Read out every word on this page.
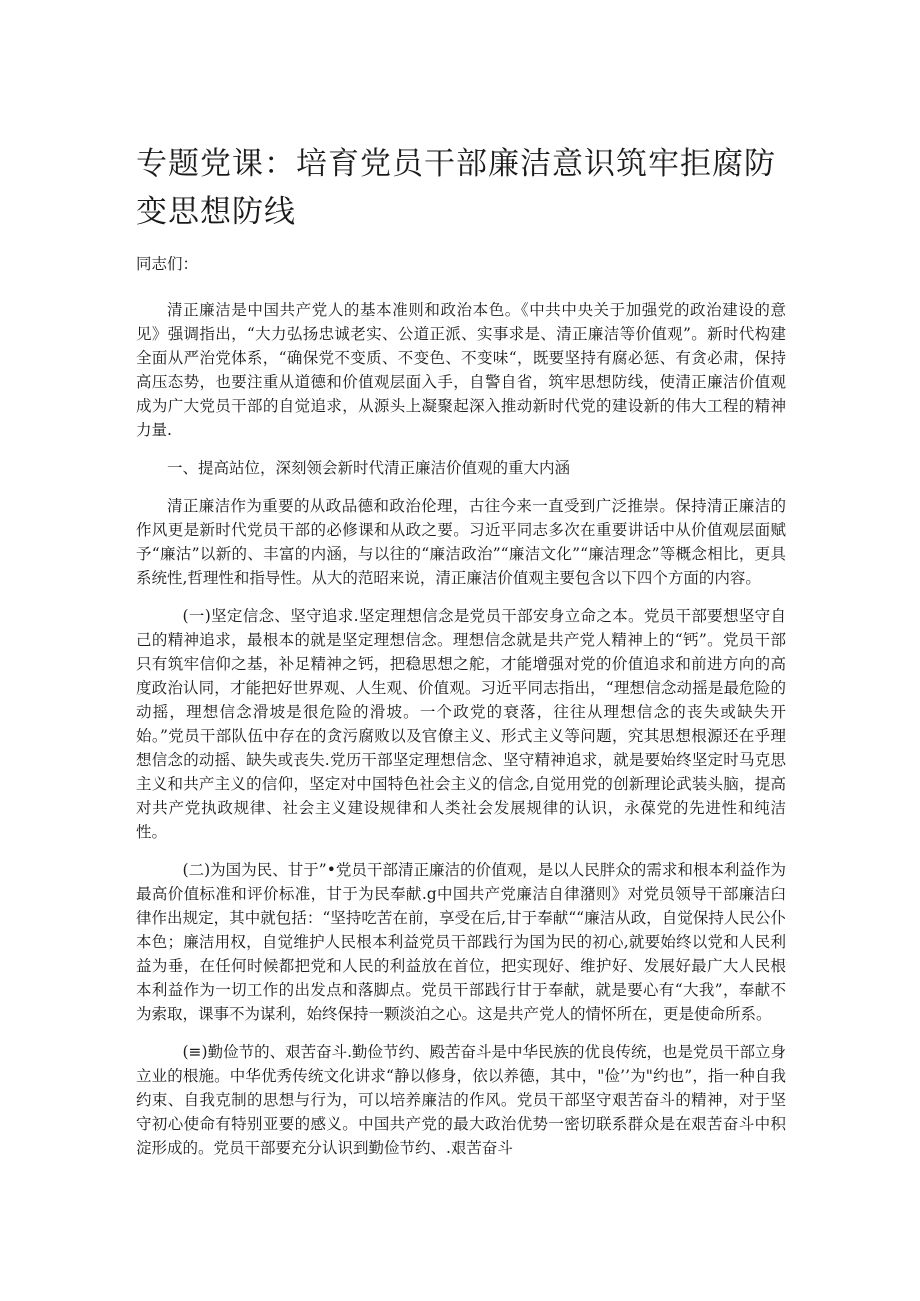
专题党课：培育党员干部廉洁意识筑牢拒腐防变思想防线

同志们：

清正廉洁是中国共产党人的基本准则和政治本色。《中共中央关于加强党的政治建设的意见》强调指出，“大力弘扬忠诚老实、公道正派、实事求是、清正廉洁等价值观”。新时代构建全面从严治党体系，“确保党不变质、不变色、不变味“，既要坚持有腐必惩、有贪必肃，保持高压态势，也要注重从道德和价值观层面入手，自警自省，筑牢思想防线，使清正廉洁价值观成为广大党员干部的自觉追求，从源头上凝聚起深入推动新时代党的建设新的伟大工程的精神力量.

一、提高站位，深刻领会新时代清正廉洁价值观的重大内涵

清正廉洁作为重要的从政品德和政治伦理，古往今来一直受到广泛推崇。保持清正廉洁的作风更是新时代党员干部的必修课和从政之要。习近平同志多次在重要讲话中从价值观层面赋予“廉沽”以新的、丰富的内涵，与以往的“廉洁政治”“廉洁文化”“廉洁理念”等概念相比，更具系统性,哲理性和指导性。从大的范昭来说，清正廉洁价值观主要包含以下四个方面的内容。

(一)坚定信念、坚守追求.坚定理想信念是党员干部安身立命之本。党员干部要想坚守自己的精神追求，最根本的就是坚定理想信念。理想信念就是共产党人精神上的“钙”。党员干部只有筑牢信仰之基，补足精神之钙，把稳思想之舵，才能增强对党的价值追求和前进方向的高度政治认同，才能把好世界观、人生观、价值观。习近平同志指出，“理想信念动摇是最危险的动摇，理想信念滑坡是很危险的滑坡。一个政党的衰落，往往从理想信念的丧失或缺失开始。”党员干部队伍中存在的贪污腐败以及官僚主义、形式主义等问题，究其思想根源还在乎理想信念的动摇、缺失或丧失.党历干部坚定理想信念、坚守精神追求，就是要始终坚定时马克思主义和共产主义的信仰，坚定对中国特色社会主义的信念,自觉用党的创新理论武装头脑，提高对共产党执政规律、社会主义建设规律和人类社会发展规律的认识，永葆党的先进性和纯洁性。

(二)为国为民、甘于”•党员干部清正廉洁的价值观，是以人民胖众的需求和根本利益作为最高价值标准和评价标准，甘于为民奉献.g中国共产党廉洁自律潴则》对党员领导干部廉洁臼律作出规定，其中就包括：“坚持吃苦在前，享受在后,甘于奉献““廉洁从政，自觉保持人民公仆本色；廉洁用权，自觉维护人民根本利益党员干部践行为国为民的初心,就要始终以党和人民利益为垂，在任何时候都把党和人民的利益放在首位，把实现好、维护好、发展好最广大人民根本利益作为一切工作的出发点和落脚点。党员干部践行甘于奉献，就是要心有“大我”，奉献不为索取，课事不为谋利，始终保持一颗淡泊之心。这是共产党人的情怀所在，更是使命所系。

(≡)勤俭节的、艰苦奋斗.勤俭节约、殿苦奋斗是中华民族的优良传统，也是党员干部立身立业的根施。中华优秀传统文化讲求“静以修身，依以养德，其中，"俭’’为"约也”，指一种自我约束、自我克制的思想与行为，可以培养廉洁的作风。党员干部坚守艰苦奋斗的精神，对于坚守初心使命有特别亚要的感义。中国共产党的最大政治优势一密切联系群众是在艰苦奋斗中积淀形成的。党员干部要充分认识到勤俭节约、.艰苦奋斗
